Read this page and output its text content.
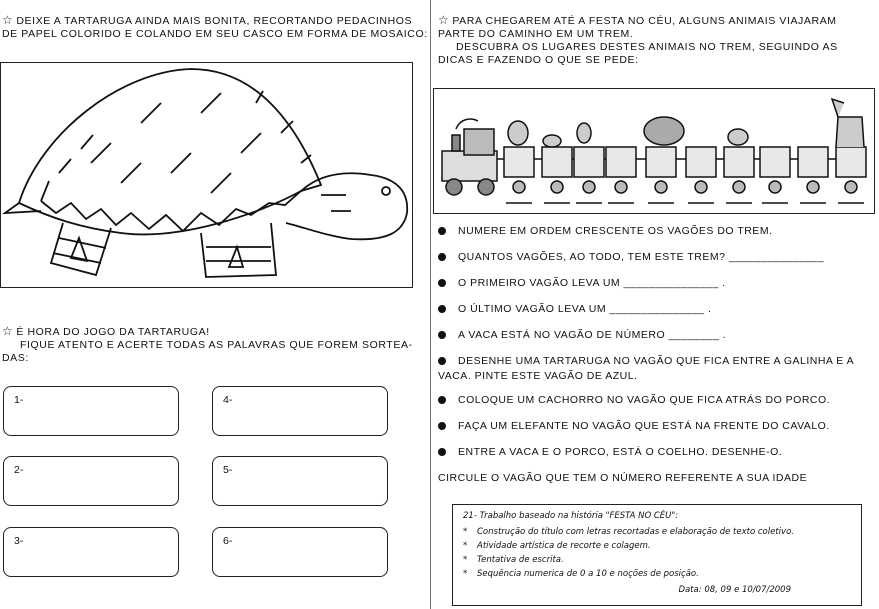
☆ DEIXE A TARTARUGA AINDA MAIS BONITA, RECORTANDO PEDACINHOS
DE PAPEL COLORIDO E COLANDO EM SEU CASCO EM FORMA DE MOSAICO:
☆ É HORA DO JOGO DA TARTARUGA!
FIQUE ATENTO E ACERTE TODAS AS PALAVRAS QUE FOREM SORTEA-
DAS:
1-
2-
3-
4-
5-
6-
☆ PARA CHEGAREM ATÉ A FESTA NO CÉU, ALGUNS ANIMAIS VIAJARAM
PARTE DO CAMINHO EM UM TREM.
DESCUBRA OS LUGARES DESTES ANIMAIS NO TREM, SEGUINDO AS
DICAS E FAZENDO O QUE SE PEDE:
NUMERE EM ORDEM CRESCENTE OS VAGÕES DO TREM.
QUANTOS VAGÕES, AO TODO, TEM ESTE TREM? _______________
O PRIMEIRO VAGÃO LEVA UM _______________ .
O ÚLTIMO VAGÃO LEVA UM _______________ .
A VACA ESTÁ NO VAGÃO DE NÚMERO ________ .
DESENHE UMA TARTARUGA NO VAGÃO QUE FICA ENTRE A GALINHA E A
VACA. PINTE ESTE VAGÃO DE AZUL.
COLOQUE UM CACHORRO NO VAGÃO QUE FICA ATRÁS DO PORCO.
FAÇA UM ELEFANTE NO VAGÃO QUE ESTÁ NA FRENTE DO CAVALO.
ENTRE A VACA E O PORCO, ESTÁ O COELHO. DESENHE-O.
CIRCULE O VAGÃO QUE TEM O NÚMERO REFERENTE A SUA IDADE
21- Trabalho baseado na história "FESTA NO CÉU":
* Construção do título com letras recortadas e elaboração de texto coletivo.
* Atividade artística de recorte e colagem.
* Tentativa de escrita.
* Sequência numerica de 0 a 10 e noções de posição.
Data: 08, 09 e 10/07/2009
